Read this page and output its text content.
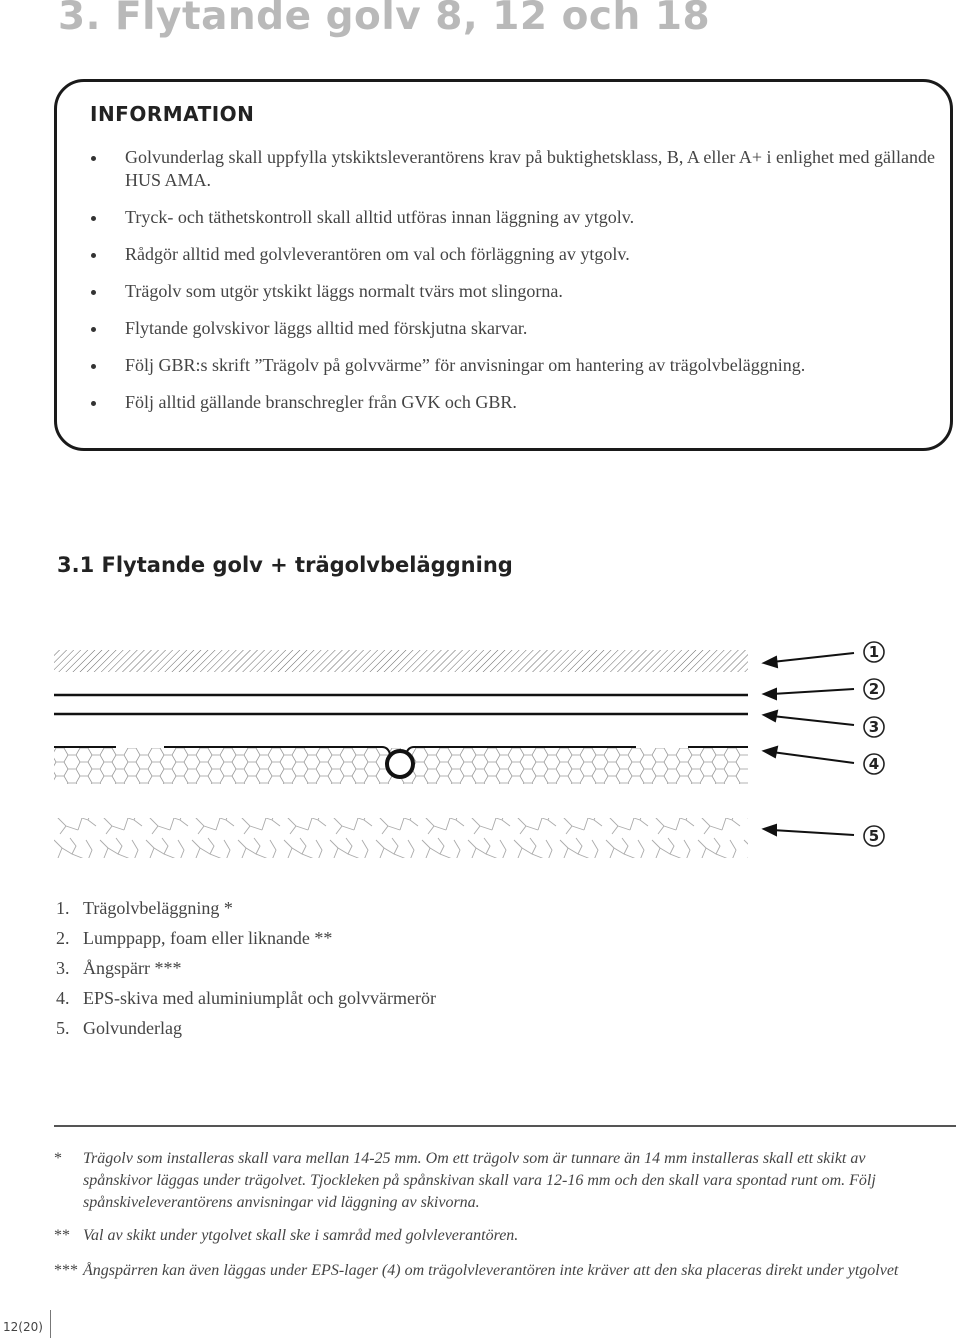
3. Flytande golv 8, 12 och 18
INFORMATION
Golvunderlag skall uppfylla ytskiktsleverantörens krav på buktighetsklass, B, A eller A+ i enlighet med gällande HUS AMA.
Tryck- och täthetskontroll skall alltid utföras innan läggning av ytgolv.
Rådgör alltid med golvleverantören om val och förläggning av ytgolv.
Trägolv som utgör ytskikt läggs normalt tvärs mot slingorna.
Flytande golvskivor läggs alltid med förskjutna skarvar.
Följ GBR:s skrift ”Trägolv på golvvärme” för anvisningar om hantering av trägolvbeläggning.
Följ alltid gällande branschregler från GVK och GBR.
3.1 Flytande golv + trägolvbeläggning
1
2
3
4
5
1. Trägolvbeläggning *
2. Lumppapp, foam eller liknande **
3. Ångspärr ***
4. EPS-skiva med aluminiumplåt och golvvärmerör
5. Golvunderlag
* Trägolv som installeras skall vara mellan 14-25 mm. Om ett trägolv som är tunnare än 14 mm installeras skall ett skikt av spånskivor läggas under trägolvet. Tjockleken på spånskivan skall vara 12-16 mm och den skall vara spontad runt om. Följ spånskiveleverantörens anvisningar vid läggning av skivorna.
** Val av skikt under ytgolvet skall ske i samråd med golvleverantören.
*** Ångspärren kan även läggas under EPS-lager (4) om trägolvleverantören inte kräver att den ska placeras direkt under ytgolvet
12(20)
